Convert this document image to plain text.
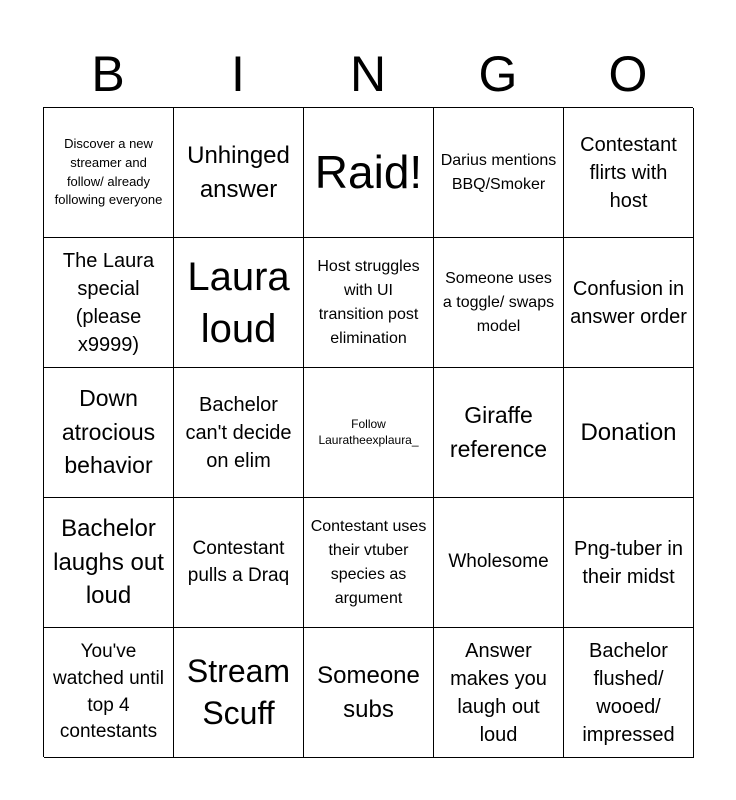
B	I	N	G	O
Discover a new streamer and follow/ already following everyone
Unhinged answer Raid!	Darius mentions BBQ/Smoker
Contestant flirts with host
The Laura special (please x9999)
Laura loud
Host struggles with UI transition post elimination
Someone uses a toggle/ swaps model
Confusion in answer order
Down atrocious behavior
Bachelor can't decide on elim
Follow Lauratheexplaura_
Giraffe reference
Donation
Bachelor laughs out loud
Contestant pulls a Draq
Contestant uses their vtuber species as argument
Wholesome
Png-tuber in their midst
You've watched until top 4 contestants
Stream Scuff
Someone subs
Answer makes you laugh out loud
Bachelor flushed/ wooed/ impressed
